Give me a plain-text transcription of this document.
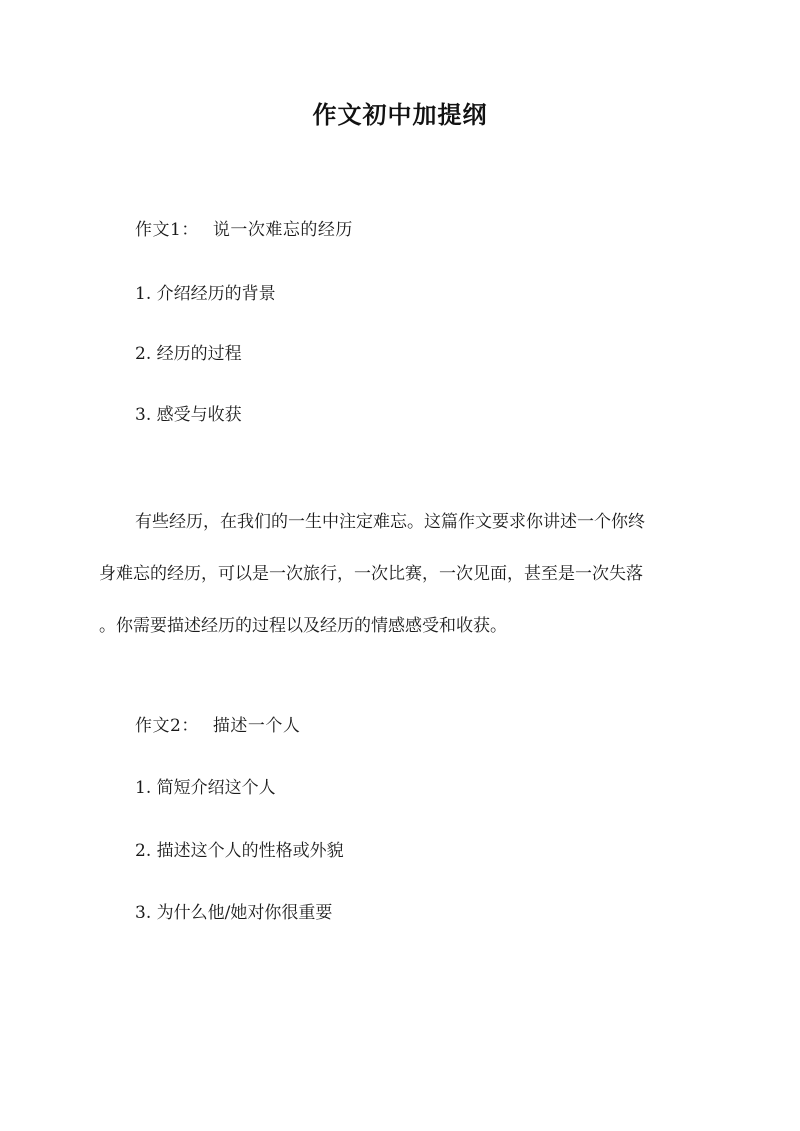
作文初中加提纲
作文1： 说一次难忘的经历
1. 介绍经历的背景
2. 经历的过程
3. 感受与收获
有些经历，在我们的一生中注定难忘。这篇作文要求你讲述一个你终
身难忘的经历，可以是一次旅行，一次比赛，一次见面，甚至是一次失落
。你需要描述经历的过程以及经历的情感感受和收获。
作文2： 描述一个人
1. 简短介绍这个人
2. 描述这个人的性格或外貌
3. 为什么他/她对你很重要
